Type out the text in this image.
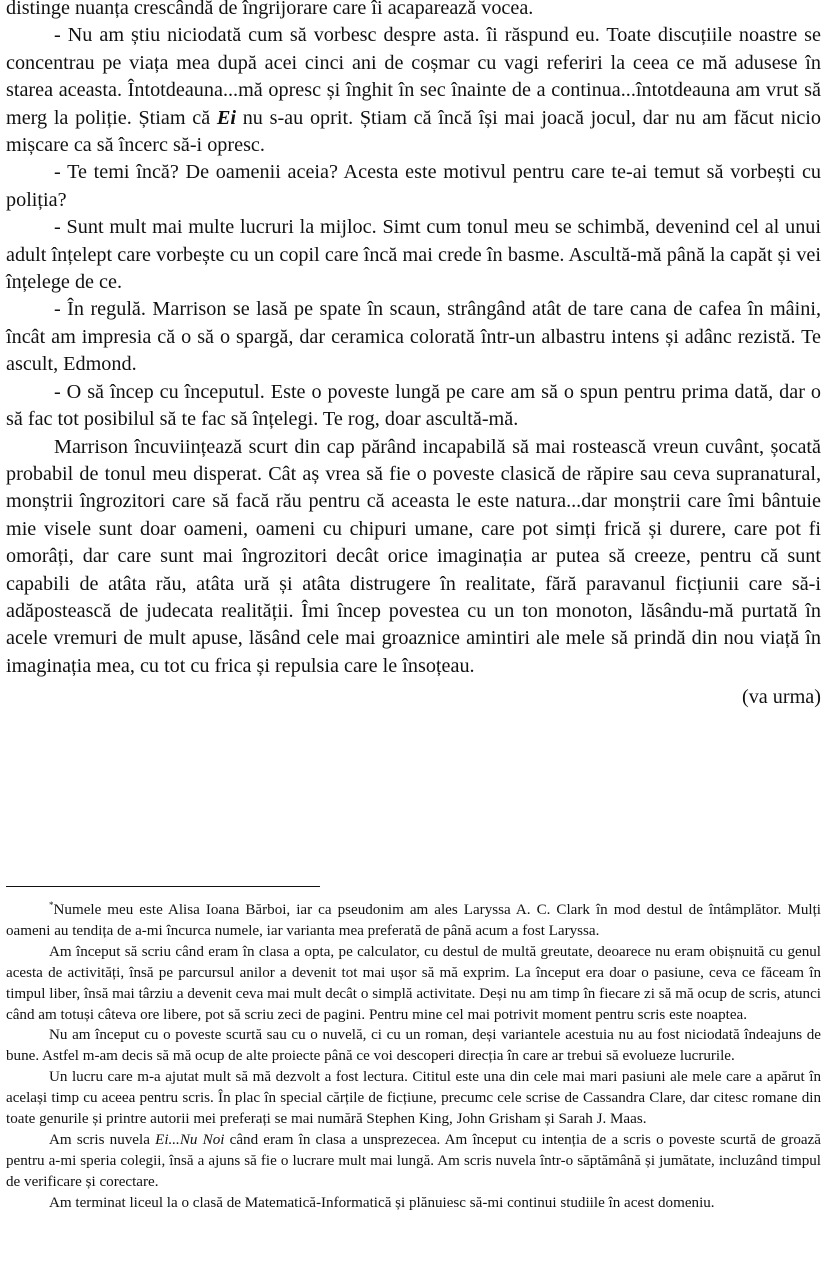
distinge nuanța crescândă de îngrijorare care îi acaparează vocea.

- Nu am știu niciodată cum să vorbesc despre asta. îi răspund eu. Toate discuțiile noastre se concentrau pe viața mea după acei cinci ani de coșmar cu vagi referiri la ceea ce mă adusese în starea aceasta. Întotdeauna...mă opresc și înghit în sec înainte de a continua...întotdeauna am vrut să merg la poliție. Știam că Ei nu s-au oprit. Știam că încă își mai joacă jocul, dar nu am făcut nicio mișcare ca să încerc să-i opresc.

- Te temi încă? De oamenii aceia? Acesta este motivul pentru care te-ai temut să vorbești cu poliția?

- Sunt mult mai multe lucruri la mijloc. Simt cum tonul meu se schimbă, devenind cel al unui adult înțelept care vorbește cu un copil care încă mai crede în basme. Ascultă-mă până la capăt și vei înțelege de ce.

- În regulă. Marrison se lasă pe spate în scaun, strângând atât de tare cana de cafea în mâini, încât am impresia că o să o spargă, dar ceramica colorată într-un albastru intens și adânc rezistă. Te ascult, Edmond.

- O să încep cu începutul. Este o poveste lungă pe care am să o spun pentru prima dată, dar o să fac tot posibilul să te fac să înțelegi. Te rog, doar ascultă-mă.

Marrison încuviințează scurt din cap părând incapabilă să mai rostească vreun cuvânt, șocată probabil de tonul meu disperat. Cât aș vrea să fie o poveste clasică de răpire sau ceva supranatural, monștrii îngrozitori care să facă rău pentru că aceasta le este natura...dar monștrii care îmi bântuie mie visele sunt doar oameni, oameni cu chipuri umane, care pot simți frică și durere, care pot fi omorâți, dar care sunt mai îngrozitori decât orice imaginația ar putea să creeze, pentru că sunt capabili de atâta rău, atâta ură și atâta distrugere în realitate, fără paravanul ficțiunii care să-i adăpostească de judecata realității. Îmi încep povestea cu un ton monoton, lăsându-mă purtată în acele vremuri de mult apuse, lăsând cele mai groaznice amintiri ale mele să prindă din nou viață în imaginația mea, cu tot cu frica și repulsia care le însoțeau.

(va urma)

*Numele meu este Alisa Ioana Bărboi, iar ca pseudonim am ales Laryssa A. C. Clark în mod destul de întâmplător. Mulți oameni au tendița de a-mi încurca numele, iar varianta mea preferată de până acum a fost Laryssa.

Am început să scriu când eram în clasa a opta, pe calculator, cu destul de multă greutate, deoarece nu eram obișnuită cu genul acesta de activități, însă pe parcursul anilor a devenit tot mai ușor să mă exprim. La început era doar o pasiune, ceva ce făceam în timpul liber, însă mai târziu a devenit ceva mai mult decât o simplă activitate. Deși nu am timp în fiecare zi să mă ocup de scris, atunci când am totuși câteva ore libere, pot să scriu zeci de pagini. Pentru mine cel mai potrivit moment pentru scris este noaptea.

Nu am început cu o poveste scurtă sau cu o nuvelă, ci cu un roman, deși variantele acestuia nu au fost niciodată îndeajuns de bune. Astfel m-am decis să mă ocup de alte proiecte până ce voi descoperi direcția în care ar trebui să evolueze lucrurile.

Un lucru care m-a ajutat mult să mă dezvolt a fost lectura. Cititul este una din cele mai mari pasiuni ale mele care a apărut în același timp cu aceea pentru scris. În plac în special cărțile de ficțiune, precumc cele scrise de Cassandra Clare, dar citesc romane din toate genurile și printre autorii mei preferați se mai numără Stephen King, John Grisham și Sarah J. Maas.

Am scris nuvela Ei...Nu Noi când eram în clasa a unsprezecea. Am început cu intenția de a scris o poveste scurtă de groază pentru a-mi speria colegii, însă a ajuns să fie o lucrare mult mai lungă. Am scris nuvela într-o săptămână și jumătate, incluzând timpul de verificare și corectare.

Am terminat liceul la o clasă de Matematică-Informatică și plănuiesc să-mi continui studiile în acest domeniu.
